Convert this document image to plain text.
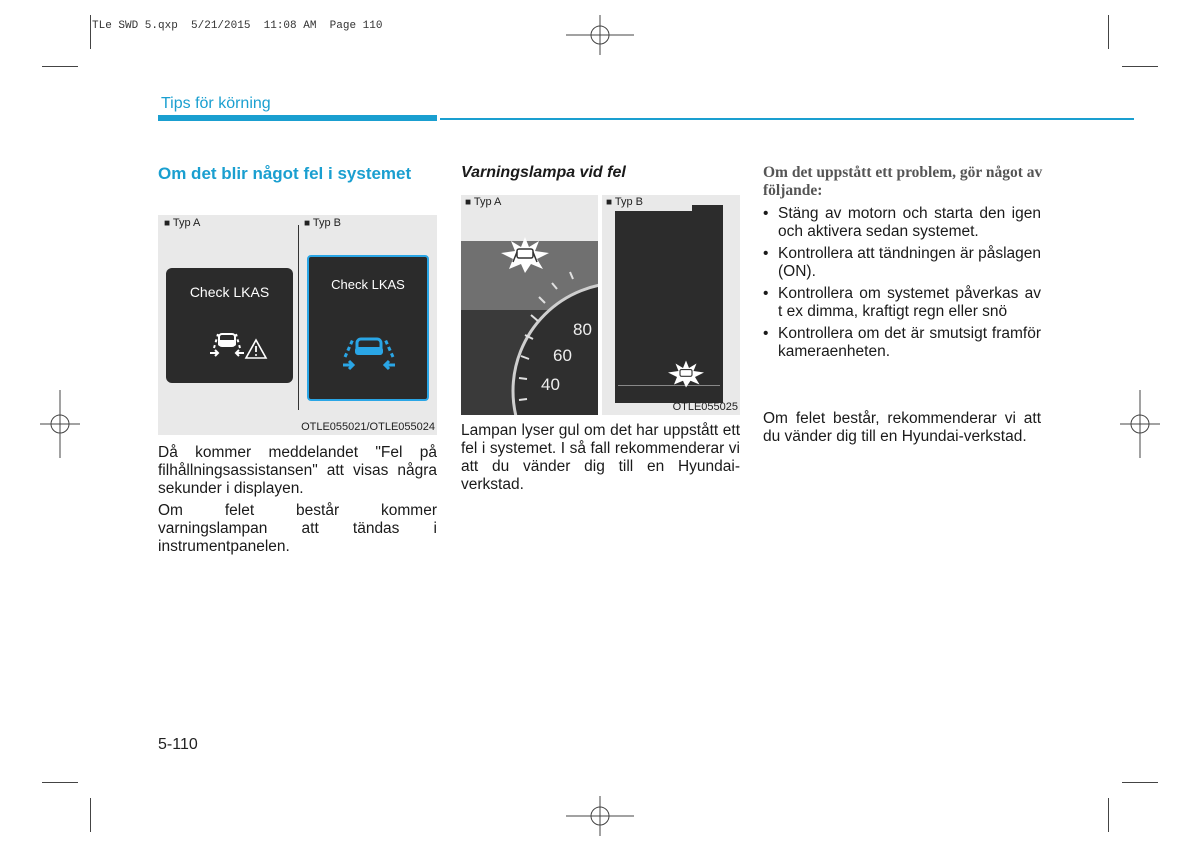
TLe SWD 5.qxp  5/21/2015  11:08 AM  Page 110
Tips för körning
Om det blir något fel i systemet
■ Typ A
■	Typ B
Check LKAS	Check LKAS
OTLE055021/OTLE055024

Då kommer meddelandet "Fel på filhållningsassistansen" att visas några sekunder i displayen.

Om felet består kommer varningslampan att tändas i instrumentpanelen.

Varningslampa vid fel
■ Typ A
80
60
40
■ Typ B
OTLE055025

Lampan lyser gul om det har uppstått ett fel i systemet. I så fall rekommenderar vi att du vänder dig till en Hyundai-verkstad.

Om det uppstått ett problem, gör något av följande:
• Stäng av motorn och starta den igen och aktivera sedan systemet.
• Kontrollera att tändningen är påslagen (ON).
• Kontrollera om systemet påverkas av t ex dimma, kraftigt regn eller snö
• Kontrollera om det är smutsigt framför kameraenheten.

Om felet består, rekommenderar vi att du vänder dig till en Hyundai-verkstad.

5-110
